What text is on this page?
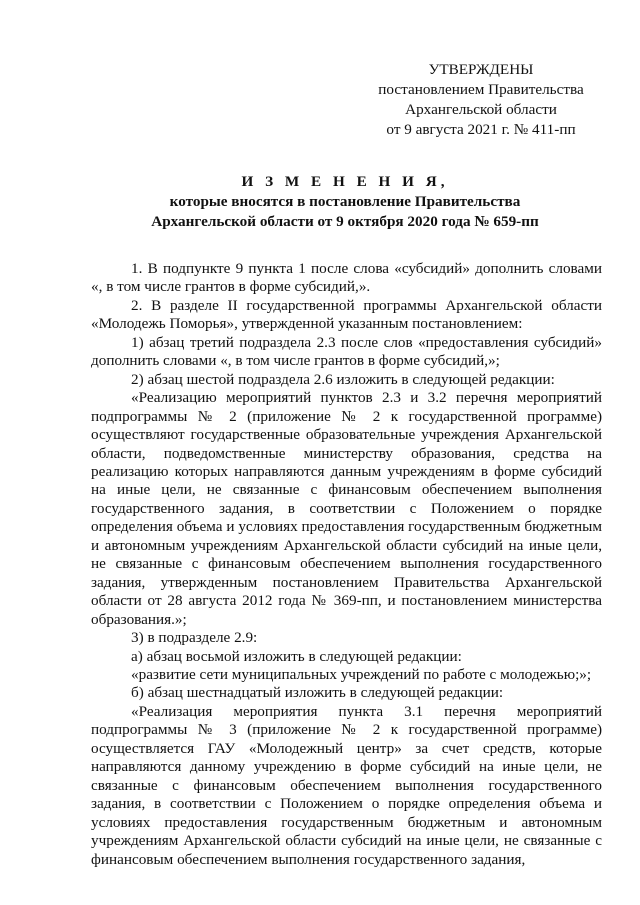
УТВЕРЖДЕНЫ
постановлением Правительства
Архангельской области
от 9 августа 2021 г. № 411-пп
И З М Е Н Е Н И Я,
которые вносятся в постановление Правительства
Архангельской области от 9 октября 2020 года № 659-пп

1. В подпункте 9 пункта 1 после слова «субсидий» дополнить словами «, в том числе грантов в форме субсидий,».

2. В разделе II государственной программы Архангельской области «Молодежь Поморья», утвержденной указанным постановлением:

1) абзац третий подраздела 2.3 после слов «предоставления субсидий» дополнить словами «, в том числе грантов в форме субсидий,»;

2) абзац шестой подраздела 2.6 изложить в следующей редакции:

«Реализацию мероприятий пунктов 2.3 и 3.2 перечня мероприятий подпрограммы № 2 (приложение № 2 к государственной программе) осуществляют государственные образовательные учреждения Архангельской области, подведомственные министерству образования, средства на реализацию которых направляются данным учреждениям в форме субсидий на иные цели, не связанные с финансовым обеспечением выполнения государственного задания, в соответствии с Положением о порядке определения объема и условиях предоставления государственным бюджетным и автономным учреждениям Архангельской области субсидий на иные цели, не связанные с финансовым обеспечением выполнения государственного задания, утвержденным постановлением Правительства Архангельской области от 28 августа 2012 года № 369-пп, и постановлением министерства образования.»;

3) в подразделе 2.9:

а) абзац восьмой изложить в следующей редакции:

«развитие сети муниципальных учреждений по работе с молодежью;»;

б) абзац шестнадцатый изложить в следующей редакции:

«Реализация мероприятия пункта 3.1 перечня мероприятий подпрограммы № 3 (приложение № 2 к государственной программе) осуществляется ГАУ «Молодежный центр» за счет средств, которые направляются данному учреждению в форме субсидий на иные цели, не связанные с финансовым обеспечением выполнения государственного задания, в соответствии с Положением о порядке определения объема и условиях предоставления государственным бюджетным и автономным учреждениям Архангельской области субсидий на иные цели, не связанные с финансовым обеспечением выполнения государственного задания,
